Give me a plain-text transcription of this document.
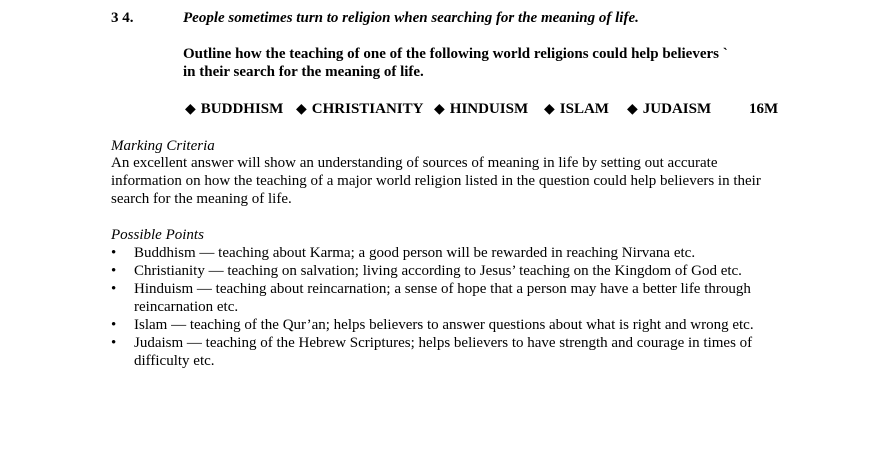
3 4.	People sometimes turn to religion when searching for the meaning of life.
Outline how the teaching of one of the following world religions could help believers `
in their search for the meaning of life.
◆ BUDDHISM ◆ CHRISTIANITY ◆ HINDUISM ◆ ISLAM ◆ JUDAISM	16M
Marking Criteria
An excellent answer will show an understanding of sources of meaning in life by setting out accurate
information on how the teaching of a major world religion listed in the question could help believers in their
search for the meaning of life.
Possible Points
• Buddhism — teaching about Karma; a good person will be rewarded in reaching Nirvana etc.
• Christianity — teaching on salvation; living according to Jesus’ teaching on the Kingdom of God etc.
• Hinduism — teaching about reincarnation; a sense of hope that a person may have a better life through
reincarnation etc.
• Islam — teaching of the Qur’an; helps believers to answer questions about what is right and wrong etc.
• Judaism — teaching of the Hebrew Scriptures; helps believers to have strength and courage in times of
difficulty etc.
